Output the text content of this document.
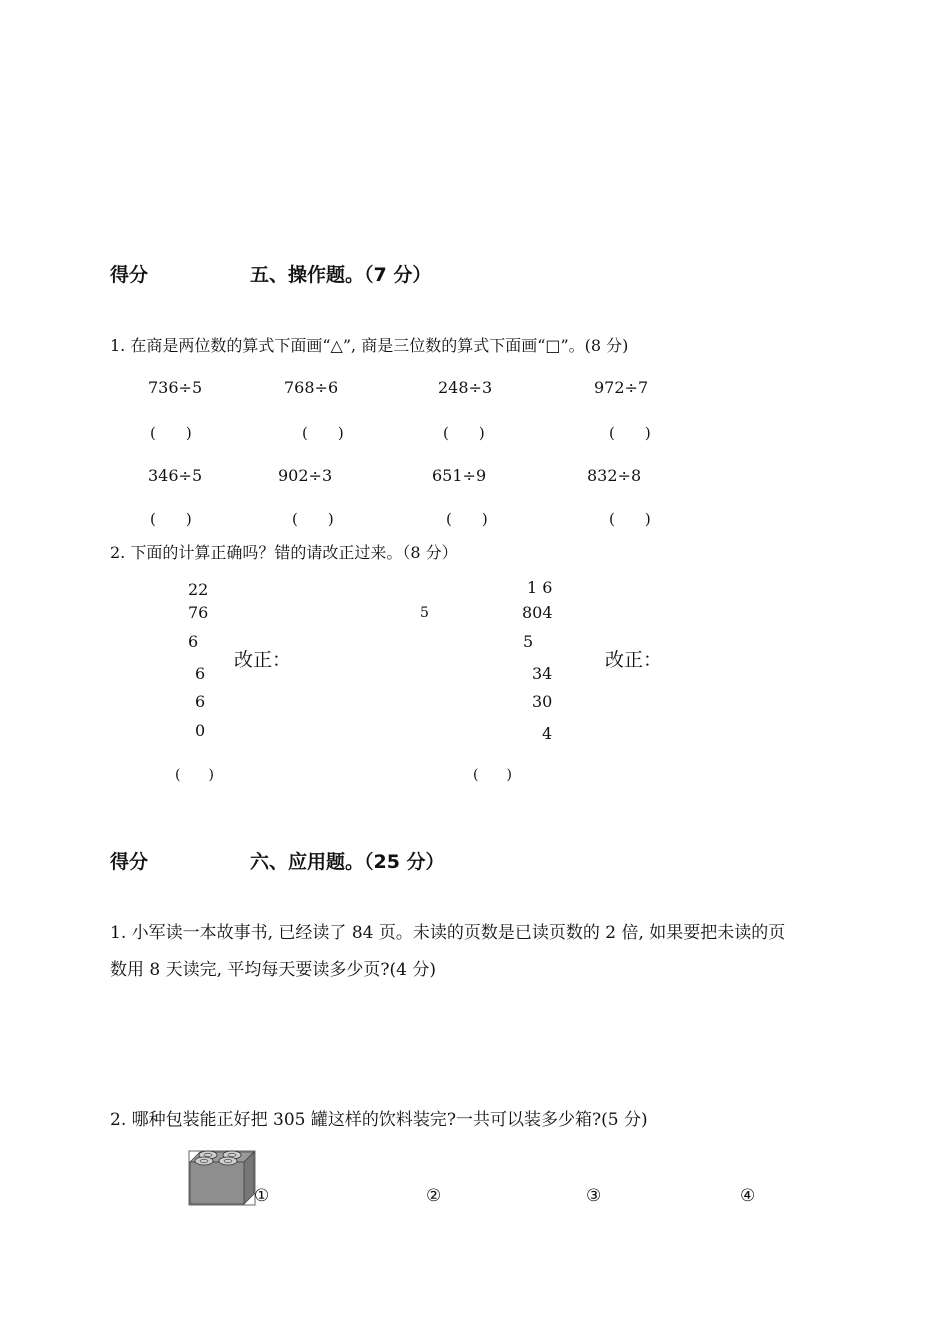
得分	五、操作题。（7 分）
1. 在商是两位数的算式下面画“△”, 商是三位数的算式下面画“□”。(8 分)
736÷5	768÷6	248÷3	972÷7
(　　)	(　　)	(　　)	(　　)
346÷5	902÷3	651÷9	832÷8
(　　)	(　　)	(　　)	(　　)
2. 下面的计算正确吗？错的请改正过来。（8 分）
22
76
6
6
6
0
改正：
5
1 6
804
5
34
30
4
改正：
(　　)	(　　)
得分	六、应用题。（25 分）
1. 小军读一本故事书, 已经读了 84 页。未读的页数是已读页数的 2 倍, 如果要把未读的页
数用 8 天读完, 平均每天要读多少页?(4 分)
2. 哪种包装能正好把 305 罐这样的饮料装完?一共可以装多少箱?(5 分)
①	②	③	④
